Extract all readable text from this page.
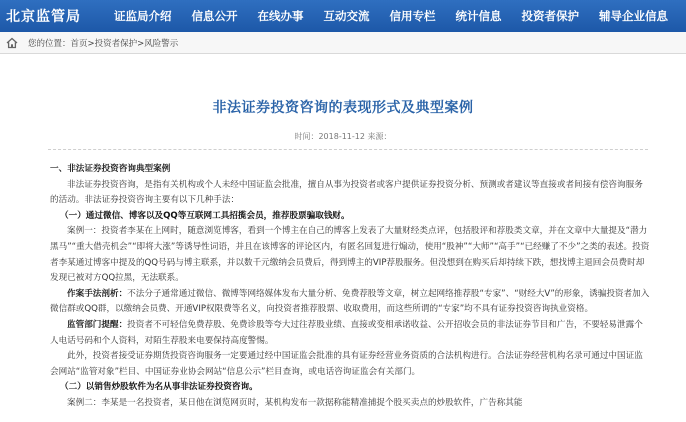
北京监管局	证监局介绍	信息公开	在线办事	互动交流	信用专栏	统计信息	投资者保护	辅导企业信息
您的位置：首页>投资者保护>风险警示
非法证券投资咨询的表现形式及典型案例
时间：2018-11-12 来源：

一、非法证券投资咨询典型案例

非法证券投资咨询，是指有关机构或个人未经中国证监会批准，擅自从事为投资者或客户提供证券投资分析、预测或者建议等直接或者间接有偿咨询服务的活动。非法证券投资咨询主要有以下几种手法：

（一）通过微信、博客以及QQ等互联网工具招揽会员，推荐股票骗取钱财。

案例一：投资者李某在上网时，随意浏览博客，看到一个博主在自己的博客上发表了大量财经类点评，包括股评和荐股类文章，并在文章中大量提及“潜力黑马”“重大借壳机会”“即将大涨”等诱导性词语，并且在该博客的评论区内，有匿名回复进行煽动，使用“股神”“大师”“高手”“已经赚了不少”之类的表述。投资者李某通过博客中提及的QQ号码与博主联系，并以数千元缴纳会员费后，得到博主的VIP荐股服务。但没想到在购买后却持续下跌，想找博主退回会员费时却发现已被对方QQ拉黑，无法联系。

作案手法剖析：不法分子通常通过微信、微博等网络媒体发布大量分析、免费荐股等文章，树立起网络推荐股“专家”、“财经大V”的形象，诱骗投资者加入微信群或QQ群，以缴纳会员费、开通VIP权限费等名义，向投资者推荐股票、收取费用，而这些所谓的“专家”均不具有证券投资咨询执业资格。

监管部门提醒：投资者不可轻信免费荐股、免费诊股等夸大过往荐股业绩、直接或变相承诺收益、公开招收会员的非法证券节目和广告，不要轻易泄露个人电话号码和个人资料，对陌生荐股来电要保持高度警惕。

此外，投资者接受证券期货投资咨询服务一定要通过经中国证监会批准的具有证券经营业务资质的合法机构进行。合法证券经营机构名录可通过中国证监会网站“监管对象”栏目、中国证券业协会网站“信息公示”栏目查询，或电话咨询证监会有关部门。

（二）以销售炒股软件为名从事非法证券投资咨询。

案例二：李某是一名投资者，某日他在浏览网页时，某机构发布一款据称能精准捕捉个股买卖点的炒股软件，广告称其能
